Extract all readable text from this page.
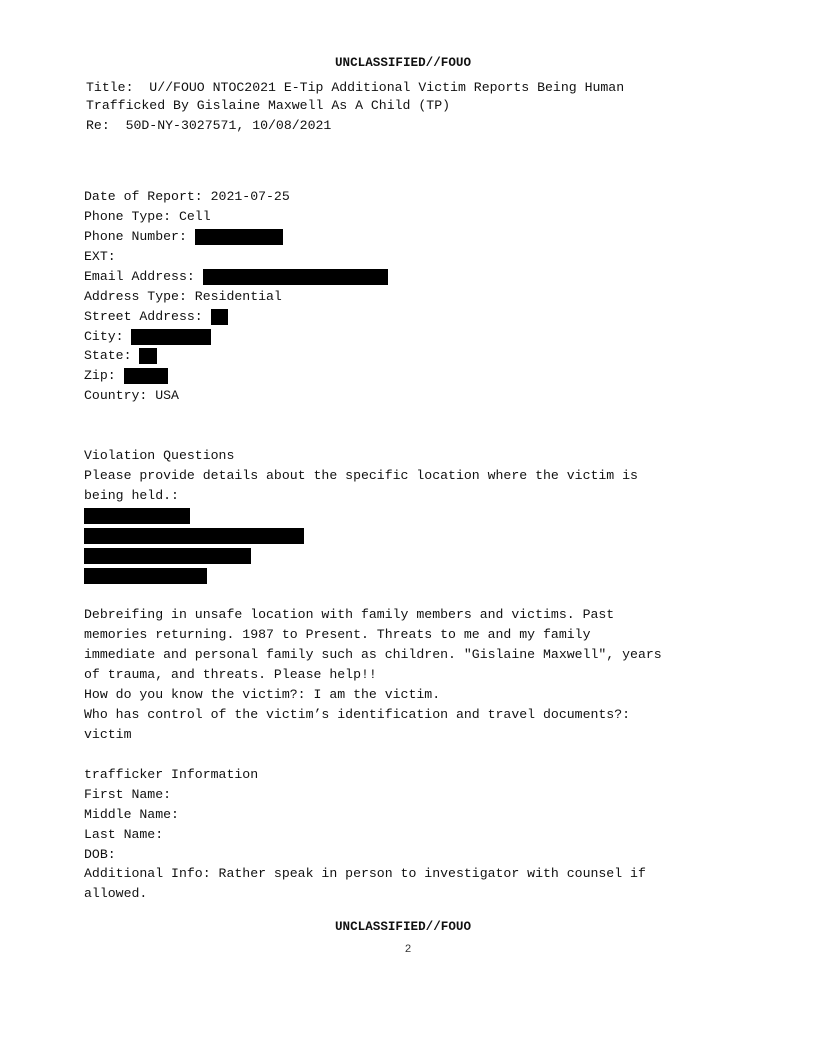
UNCLASSIFIED//FOUO
Title:  U//FOUO NTOC2021 E-Tip Additional Victim Reports Being Human
Trafficked By Gislaine Maxwell As A Child (TP)
Re:  50D-NY-3027571, 10/08/2021
Date of Report: 2021-07-25
Phone Type: Cell
Phone Number:
EXT:
Email Address:
Address Type: Residential
Street Address:
City:
State:
Zip:
Country: USA
Violation Questions
Please provide details about the specific location where the victim is
being held.:
Debreifing in unsafe location with family members and victims. Past
memories returning. 1987 to Present. Threats to me and my family
immediate and personal family such as children. "Gislaine Maxwell", years
of trauma, and threats. Please help!!
How do you know the victim?: I am the victim.
Who has control of the victim’s identification and travel documents?:
victim
trafficker Information
First Name:
Middle Name:
Last Name:
DOB:
Additional Info: Rather speak in person to investigator with counsel if
allowed.
UNCLASSIFIED//FOUO
2
